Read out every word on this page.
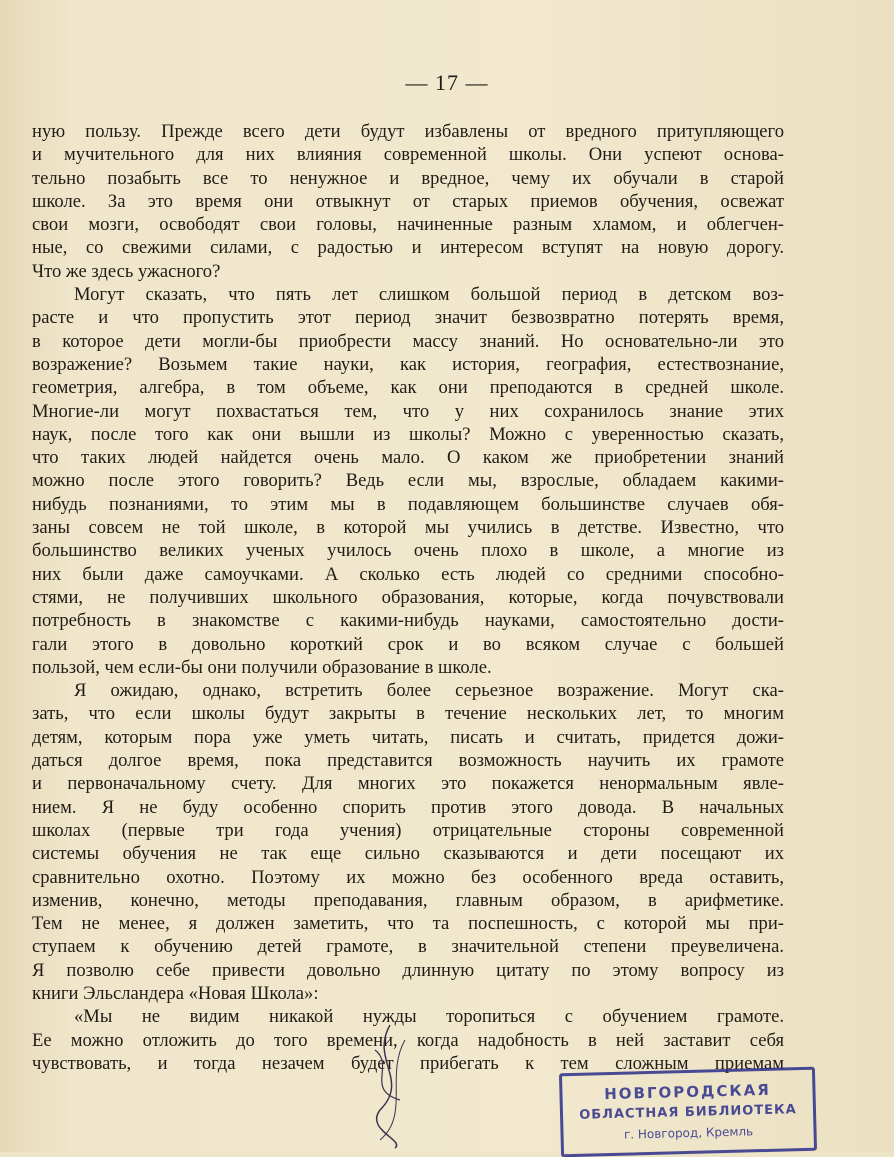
— 17 —
ную пользу. Прежде всего дети будут избавлены от вредного притупляющего
и мучительного для них влияния современной школы. Они успеют основа-
тельно позабыть все то ненужное и вредное, чему их обучали в старой
школе. За это время они отвыкнут от старых приемов обучения, освежат
свои мозги, освободят свои головы, начиненные разным хламом, и облегчен-
ные, со свежими силами, с радостью и интересом вступят на новую дорогу.
Что же здесь ужасного?
Могут сказать, что пять лет слишком большой период в детском воз-
расте и что пропустить этот период значит безвозвратно потерять время,
в которое дети могли-бы приобрести массу знаний. Но основательно-ли это
возражение? Возьмем такие науки, как история, география, естествознание,
геометрия, алгебра, в том объеме, как они преподаются в средней школе.
Многие-ли могут похвастаться тем, что у них сохранилось знание этих
наук, после того как они вышли из школы? Можно с уверенностью сказать,
что таких людей найдется очень мало. О каком же приобретении знаний
можно после этого говорить? Ведь если мы, взрослые, обладаем какими-
нибудь познаниями, то этим мы в подавляющем большинстве случаев обя-
заны совсем не той школе, в которой мы учились в детстве. Известно, что
большинство великих ученых училось очень плохо в школе, а многие из
них были даже самоучками. А сколько есть людей со средними способно-
стями, не получивших школьного образования, которые, когда почувствовали
потребность в знакомстве с какими-нибудь науками, самостоятельно дости-
гали этого в довольно короткий срок и во всяком случае с большей
пользой, чем если-бы они получили образование в школе.
Я ожидаю, однако, встретить более серьезное возражение. Могут ска-
зать, что если школы будут закрыты в течение нескольких лет, то многим
детям, которым пора уже уметь читать, писать и считать, придется дожи-
даться долгое время, пока представится возможность научить их грамоте
и первоначальному счету. Для многих это покажется ненормальным явле-
нием. Я не буду особенно спорить против этого довода. В начальных
школах (первые три года учения) отрицательные стороны современной
системы обучения не так еще сильно сказываются и дети посещают их
сравнительно охотно. Поэтому их можно без особенного вреда оставить,
изменив, конечно, методы преподавания, главным образом, в арифметике.
Тем не менее, я должен заметить, что та поспешность, с которой мы при-
ступаем к обучению детей грамоте, в значительной степени преувеличена.
Я позволю себе привести довольно длинную цитату по этому вопросу из
книги Эльсландера «Новая Школа»:
«Мы не видим никакой нужды торопиться с обучением грамоте.
Ее можно отложить до того времени, когда надобность в ней заставит себя
чувствовать, и тогда незачем будет прибегать к тем сложным приемам
НОВГОРОДСКАЯ
ОБЛАСТНАЯ БИБЛИОТЕКА
г. Новгород, Кремль
